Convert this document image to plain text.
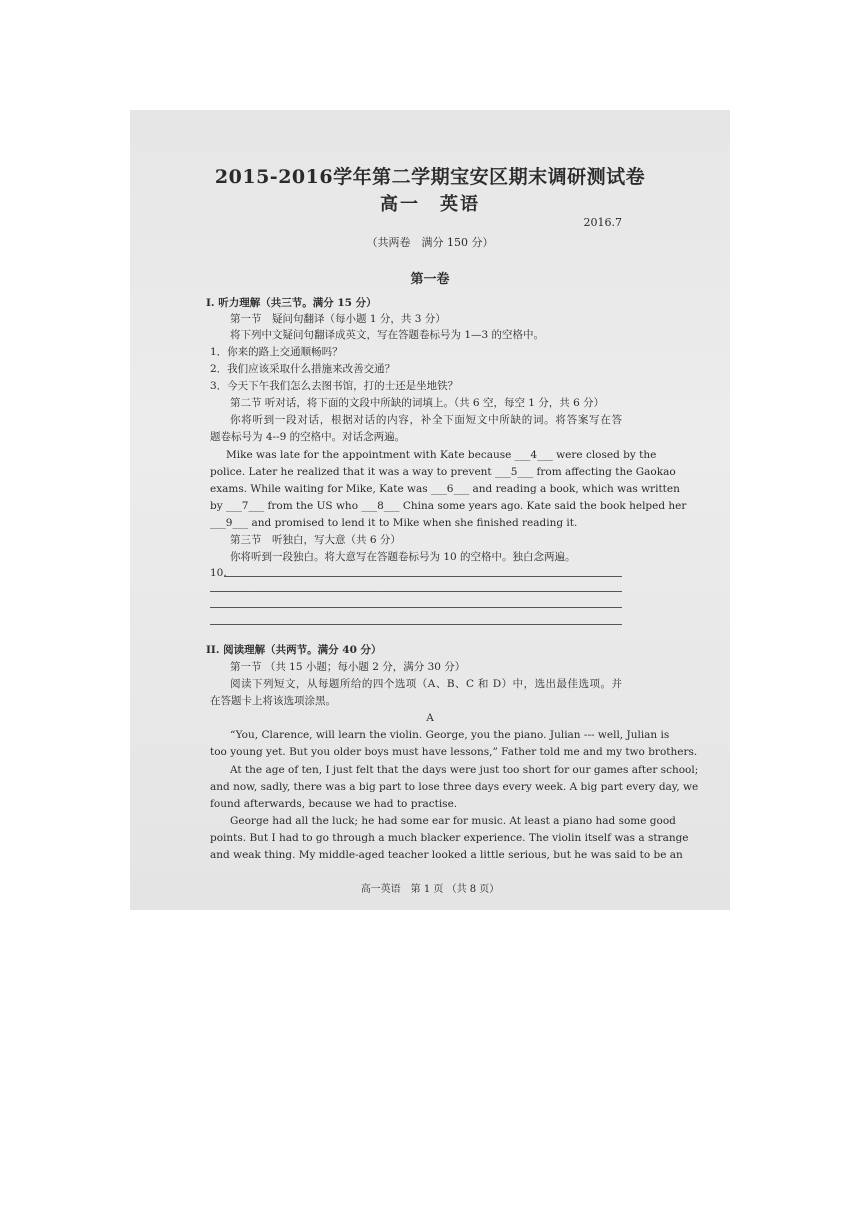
2015-2016学年第二学期宝安区期末调研测试卷
高一　英语
2016.7
（共两卷　满分 150 分）
第一卷
I. 听力理解（共三节。满分 15 分）
第一节　疑问句翻译（每小题 1 分，共 3 分）
将下列中文疑问句翻译成英文，写在答题卷标号为 1—3 的空格中。
1．你来的路上交通顺畅吗？
2．我们应该采取什么措施来改善交通？
3．今天下午我们怎么去图书馆，打的士还是坐地铁？
第二节 听对话，将下面的文段中所缺的词填上。（共 6 空，每空 1 分，共 6 分）
你将听到一段对话，根据对话的内容，补全下面短文中所缺的词。将答案写在答
题卷标号为 4--9 的空格中。对话念两遍。
Mike was late for the appointment with Kate because ___4___ were closed by the
police. Later he realized that it was a way to prevent ___5___ from affecting the Gaokao
exams. While waiting for Mike, Kate was ___6___ and reading a book, which was written
by ___7___ from the US who ___8___ China some years ago. Kate said the book helped her
___9___ and promised to lend it to Mike when she finished reading it.
第三节　听独白，写大意（共 6 分）
你将听到一段独白。将大意写在答题卷标号为 10 的空格中。独白念两遍。
10.
II. 阅读理解（共两节。满分 40 分）
第一节 （共 15 小题；每小题 2 分，满分 30 分）
阅读下列短文，从每题所给的四个选项（A、B、C 和 D）中，选出最佳选项。并
在答题卡上将该选项涂黑。
A
“You, Clarence, will learn the violin. George, you the piano. Julian --- well, Julian is
too young yet. But you older boys must have lessons,” Father told me and my two brothers.
At the age of ten, I just felt that the days were just too short for our games after school;
and now, sadly, there was a big part to lose three days every week. A big part every day, we
found afterwards, because we had to practise.
George had all the luck; he had some ear for music. At least a piano had some good
points. But I had to go through a much blacker experience. The violin itself was a strange
and weak thing. My middle-aged teacher looked a little serious, but he was said to be an
高一英语　第 1 页 （共 8 页）
